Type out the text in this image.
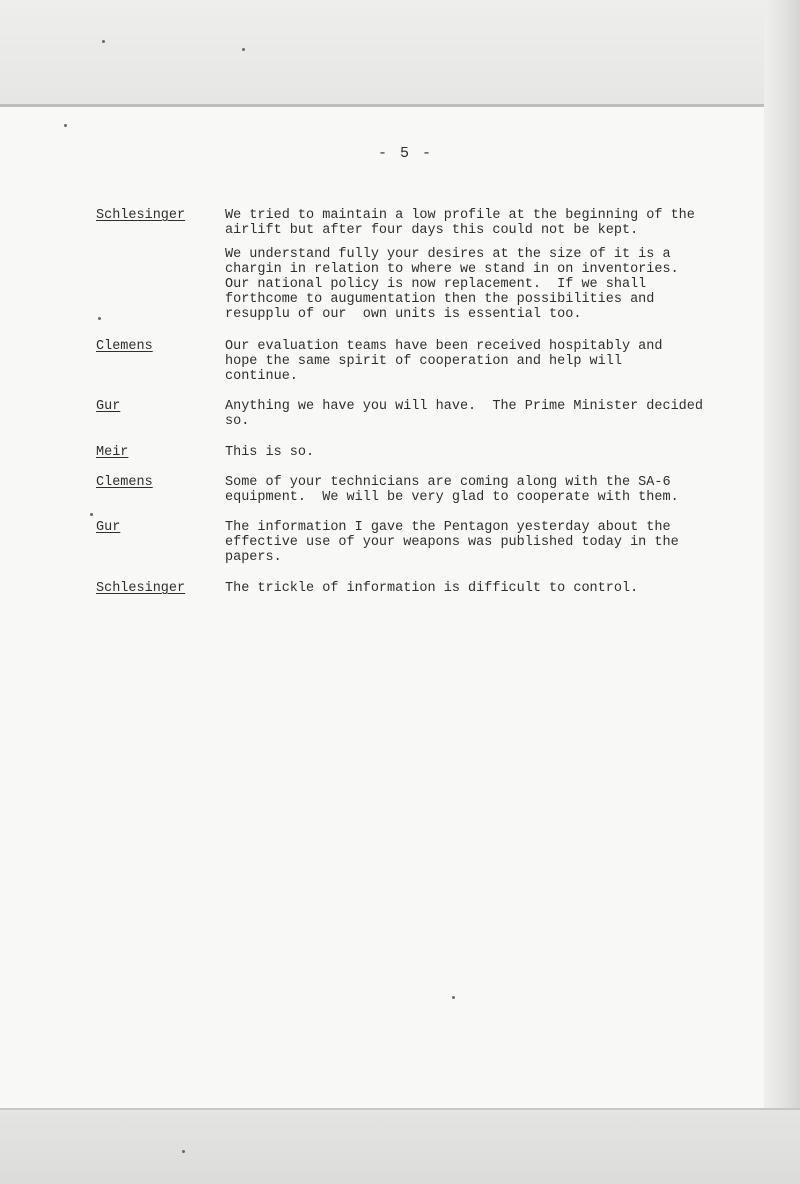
- 5 -
Schlesinger	We tried to maintain a low profile at the beginning of the
airlift but after four days this could not be kept.

We understand fully your desires at the size of it is a
chargin in relation to where we stand in on inventories.
Our national policy is now replacement.  If we shall
forthcome to augumentation then the possibilities and
resupplu of our  own units is essential too.

Clemens	Our evaluation teams have been received hospitably and
hope the same spirit of cooperation and help will
continue.

Gur	Anything we have you will have.  The Prime Minister decided
so.

Meir	This is so.

Clemens	Some of your technicians are coming along with the SA-6
equipment.  We will be very glad to cooperate with them.

Gur	The information I gave the Pentagon yesterday about the
effective use of your weapons was published today in the
papers.

Schlesinger	The trickle of information is difficult to control.
